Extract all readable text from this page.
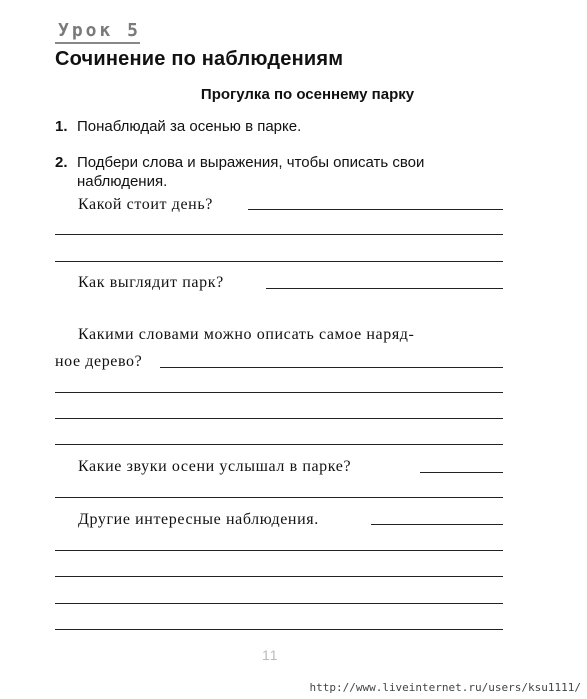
Урок 5
Сочинение по наблюдениям
Прогулка по осеннему парку
1. Понаблюдай за осенью в парке.
2. Подбери слова и выражения, чтобы описать свои наблюдения.
Какой стоит день?
Как выглядит парк?
Какими словами можно описать самое наряд-
ное дерево?
Какие звуки осени услышал в парке?
Другие интересные наблюдения.
11
http://www.liveinternet.ru/users/ksu1111/
